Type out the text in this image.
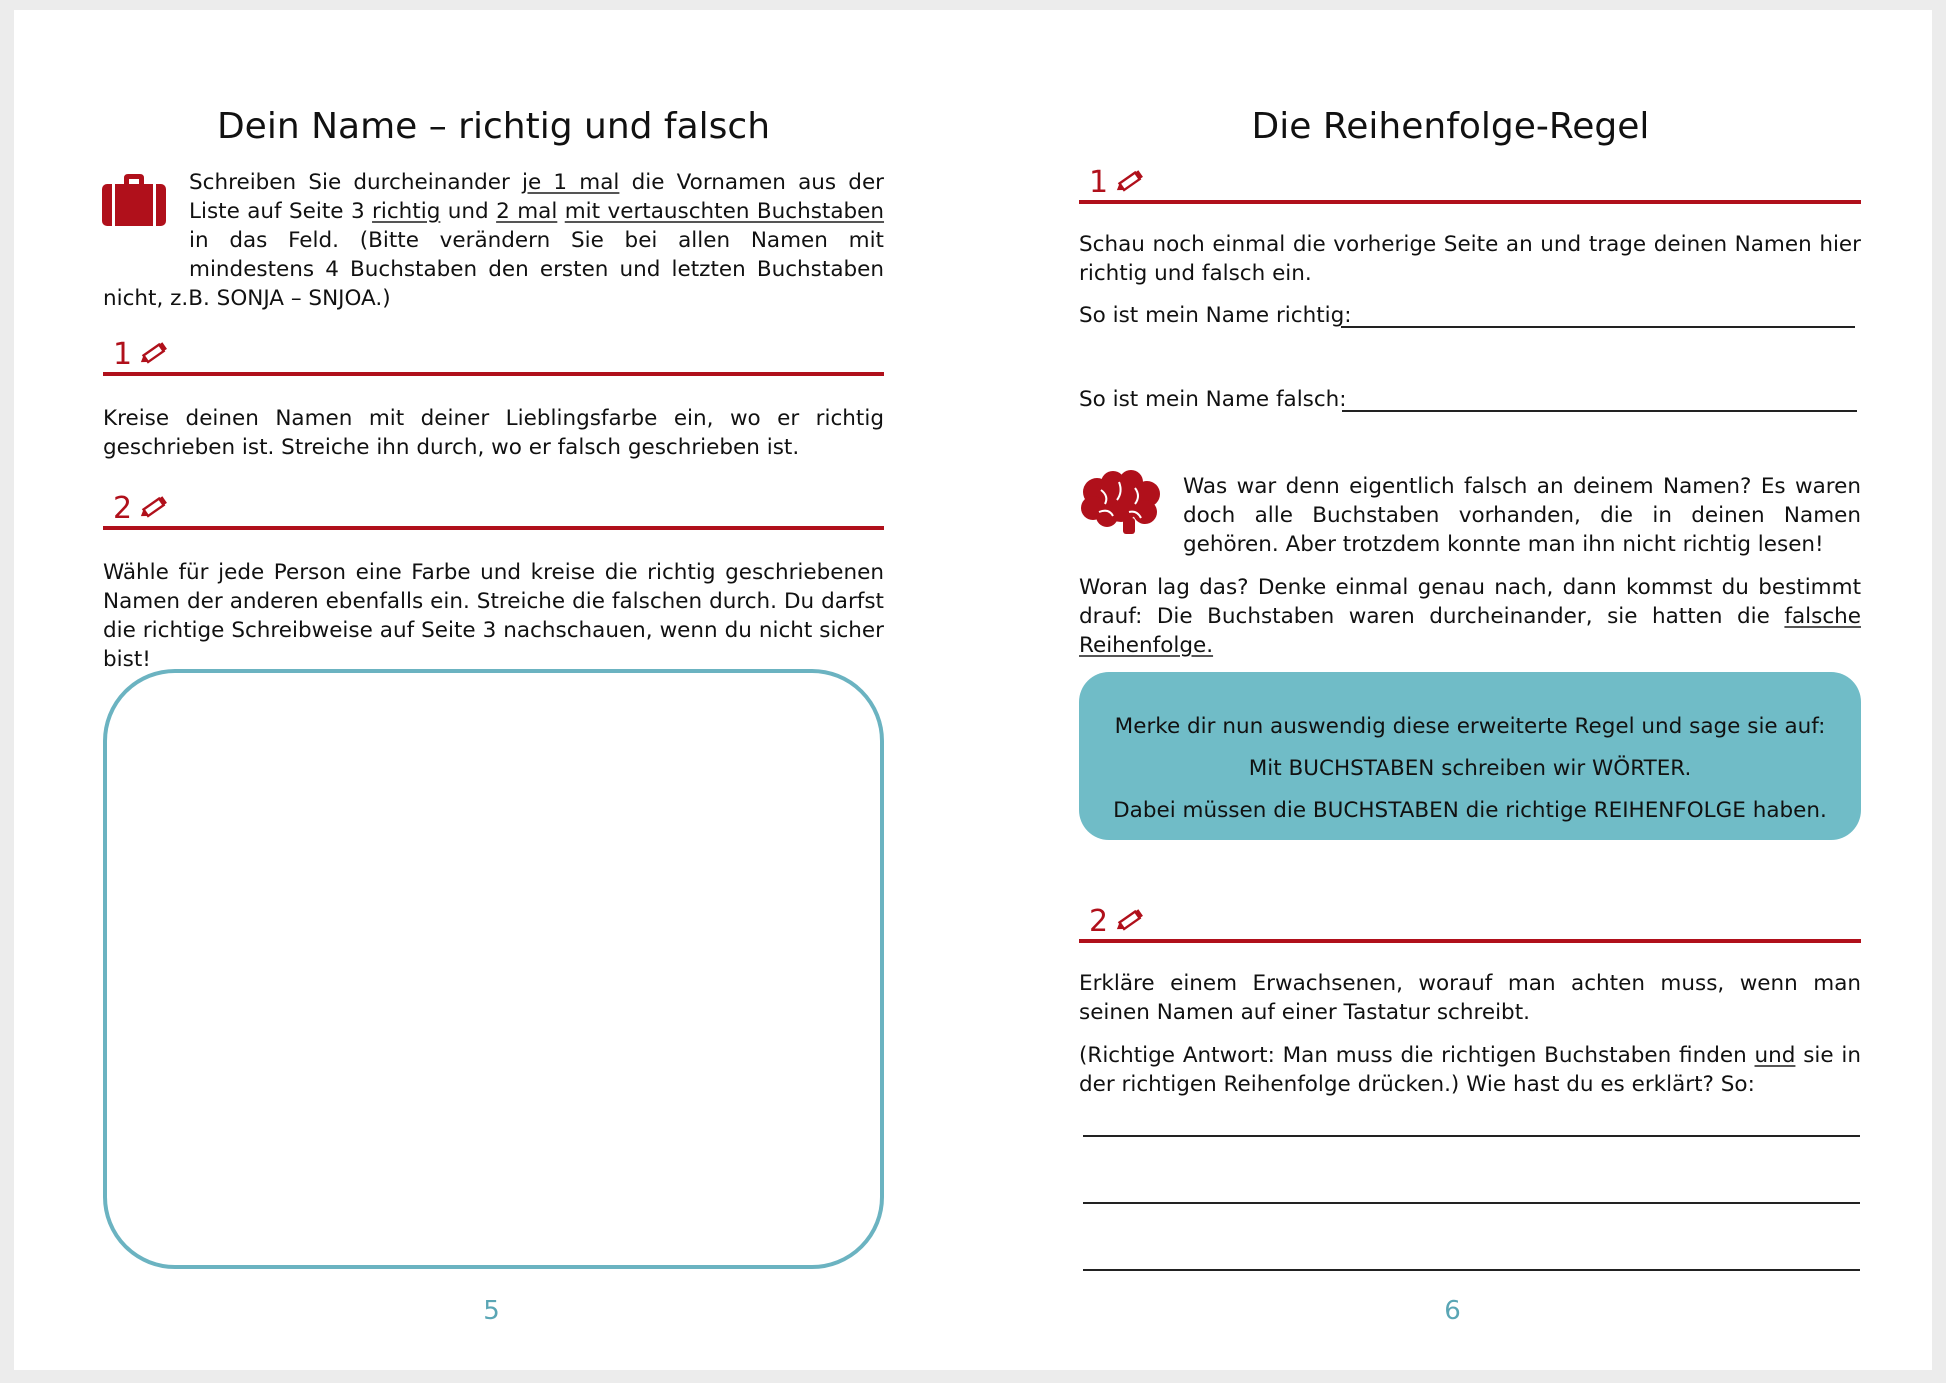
Dein Name – richtig und falsch

Schreiben Sie durcheinander je 1 mal die Vornamen aus der Liste auf Seite 3 richtig und 2 mal mit vertauschten Buchstaben in das Feld. (Bitte verändern Sie bei allen Namen mit mindestens 4 Buchstaben den ersten und letzten Buchstaben nicht, z.B. SONJA – SNJOA.)

1

Kreise deinen Namen mit deiner Lieblingsfarbe ein, wo er richtig geschrieben ist. Streiche ihn durch, wo er falsch geschrieben ist.

2

Wähle für jede Person eine Farbe und kreise die richtig geschriebenen Namen der anderen ebenfalls ein. Streiche die falschen durch. Du darfst die richtige Schreibweise auf Seite 3 nachschauen, wenn du nicht sicher bist!

5
Die Reihenfolge-Regel
1

Schau noch einmal die vorherige Seite an und trage deinen Namen hier richtig und falsch ein.

So ist mein Name richtig:
So ist mein Name falsch:

Was war denn eigentlich falsch an deinem Namen? Es waren doch alle Buchstaben vorhanden, die in deinen Namen gehören. Aber trotzdem konnte man ihn nicht richtig lesen!

Woran lag das? Denke einmal genau nach, dann kommst du bestimmt drauf: Die Buchstaben waren durcheinander, sie hatten die falsche Reihenfolge.

Merke dir nun auswendig diese erweiterte Regel und sage sie auf:
Mit BUCHSTABEN schreiben wir WÖRTER.
Dabei müssen die BUCHSTABEN die richtige REIHENFOLGE haben.
2

Erkläre einem Erwachsenen, worauf man achten muss, wenn man seinen Namen auf einer Tastatur schreibt.

(Richtige Antwort: Man muss die richtigen Buchstaben finden und sie in der richtigen Reihenfolge drücken.) Wie hast du es erklärt? So:

6
